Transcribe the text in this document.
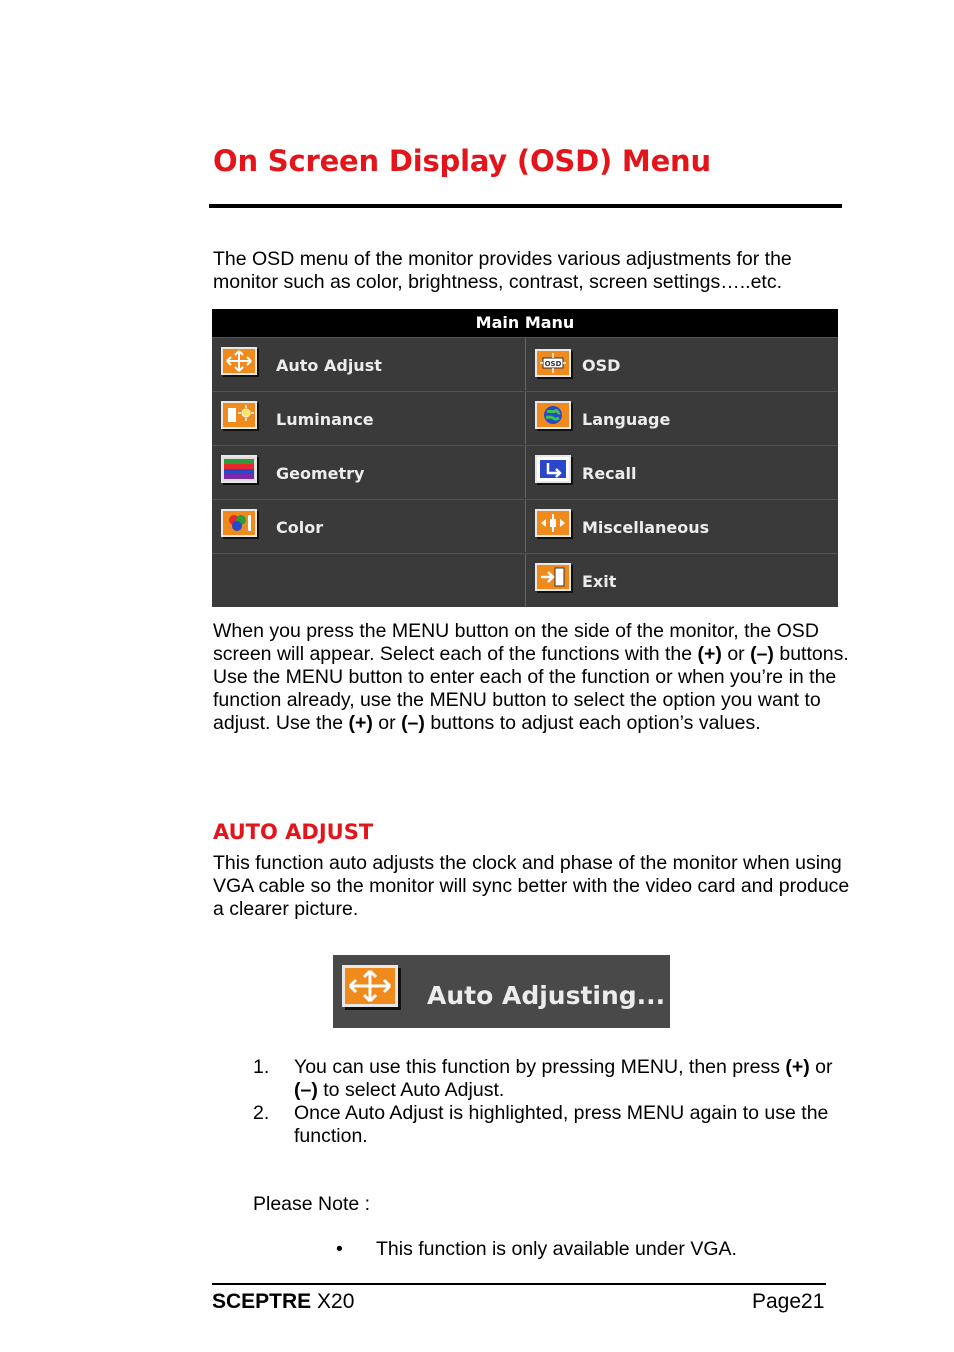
On Screen Display (OSD) Menu

The OSD menu of the monitor provides various adjustments for the monitor such as color, brightness, contrast, screen settings…..etc.

Main Manu
Auto Adjust
Luminance
Geometry
Color
OSD OSD
Language
Recall
Miscellaneous
Exit

When you press the MENU button on the side of the monitor, the OSD screen will appear. Select each of the functions with the (+) or (–) buttons. Use the MENU button to enter each of the function or when you’re in the function already, use the MENU button to select the option you want to adjust. Use the (+) or (–) buttons to adjust each option’s values.

AUTO ADJUST

This function auto adjusts the clock and phase of the monitor when using VGA cable so the monitor will sync better with the video card and produce a clearer picture.

Auto Adjusting...
1. You can use this function by pressing MENU, then press (+) or (–) to select Auto Adjust.
2. Once Auto Adjust is highlighted, press MENU again to use the function.
Please Note :
• This function is only available under VGA.
SCEPTRE X20	Page21
